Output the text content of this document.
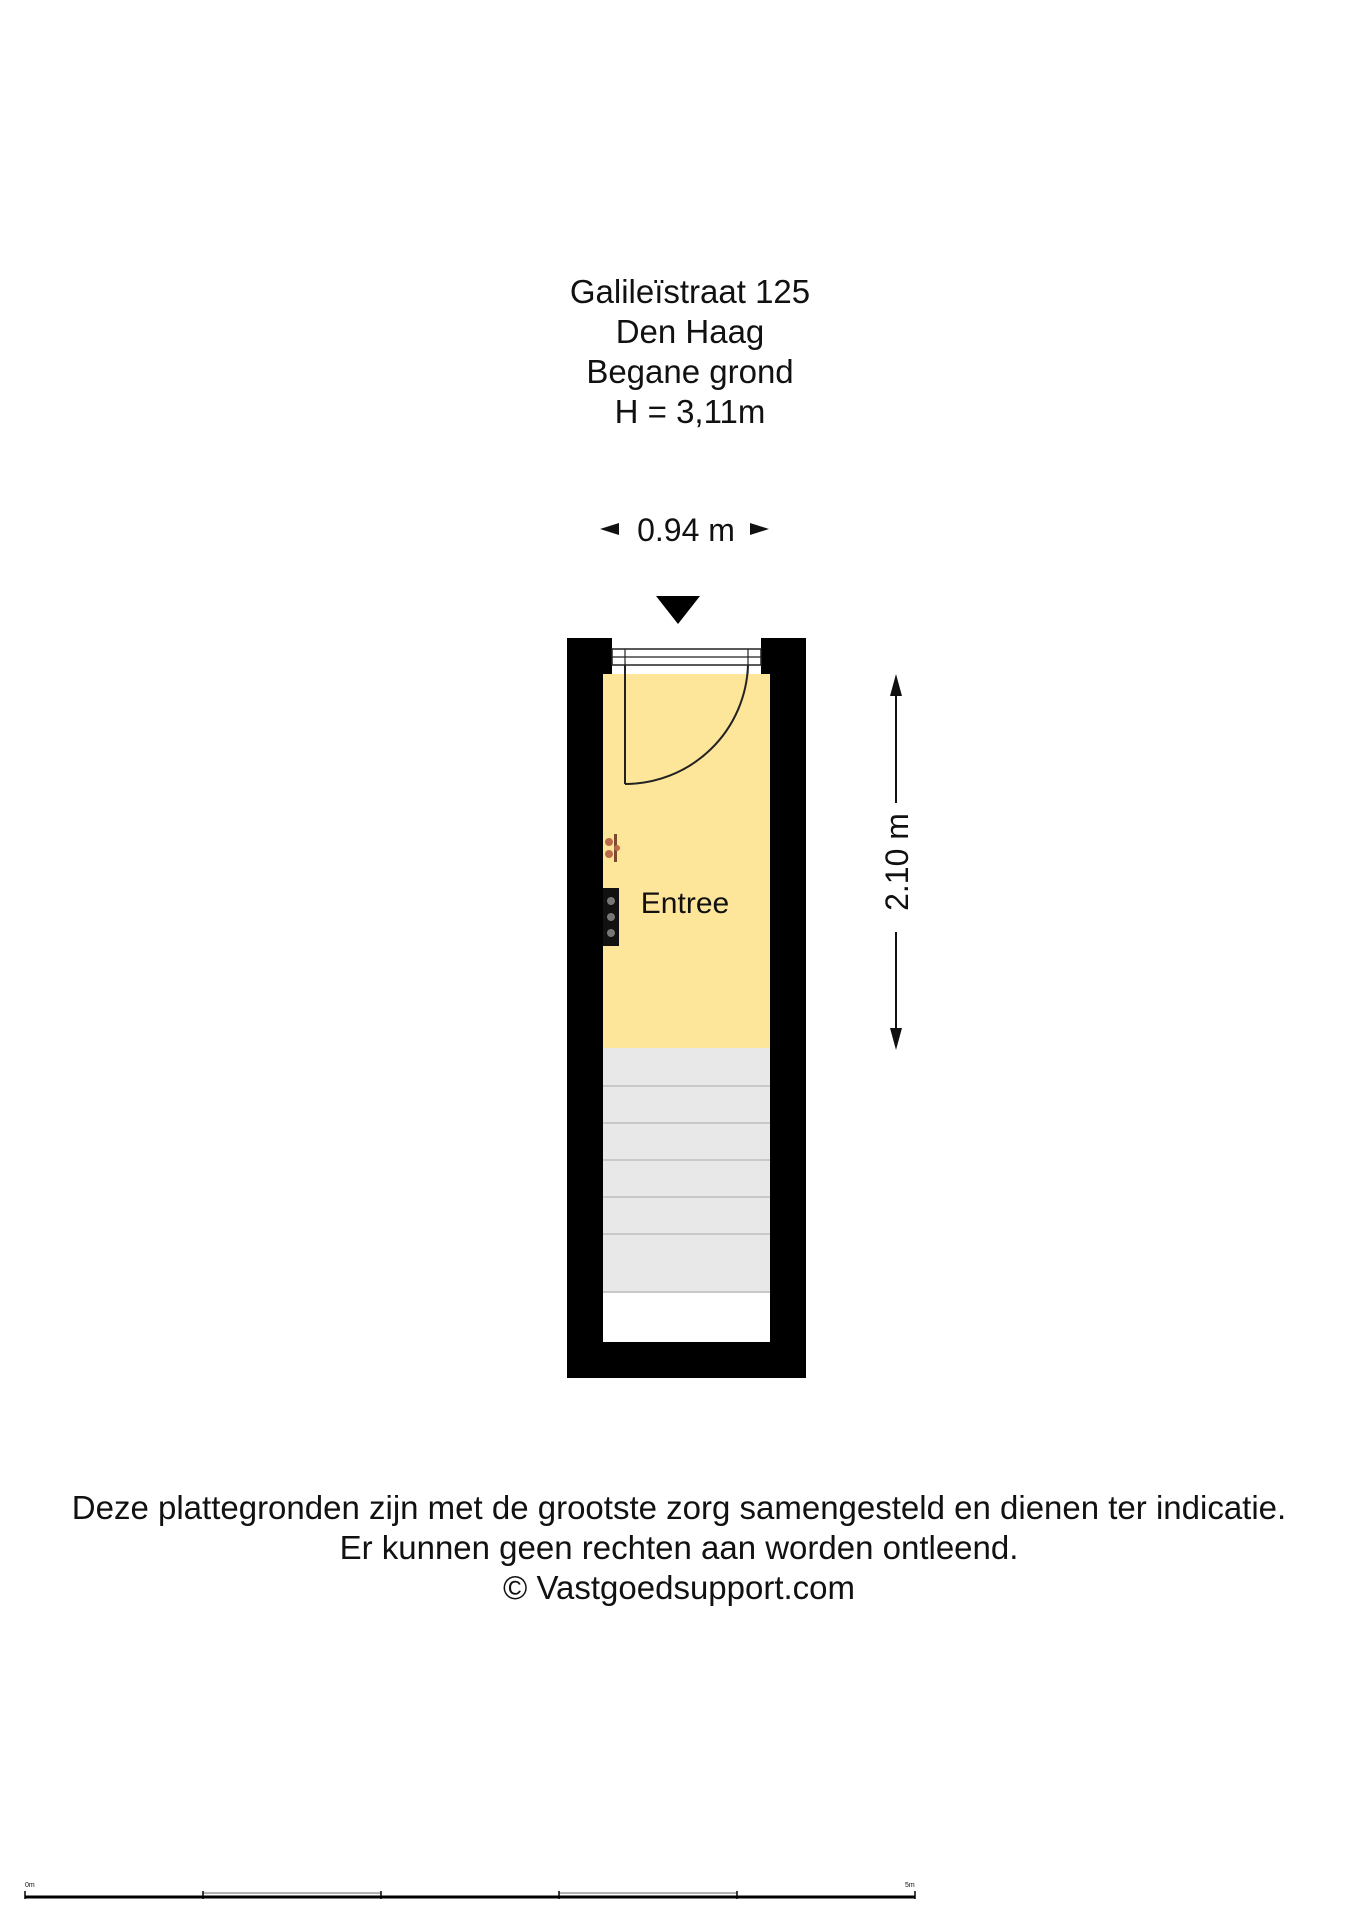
Galileïstraat 125
Den Haag
Begane grond
H = 3,11m
0.94 m
Entree	2.10 m
0m	5m
Deze plattegronden zijn met de grootste zorg samengesteld en dienen ter indicatie.
Er kunnen geen rechten aan worden ontleend.
© Vastgoedsupport.com
